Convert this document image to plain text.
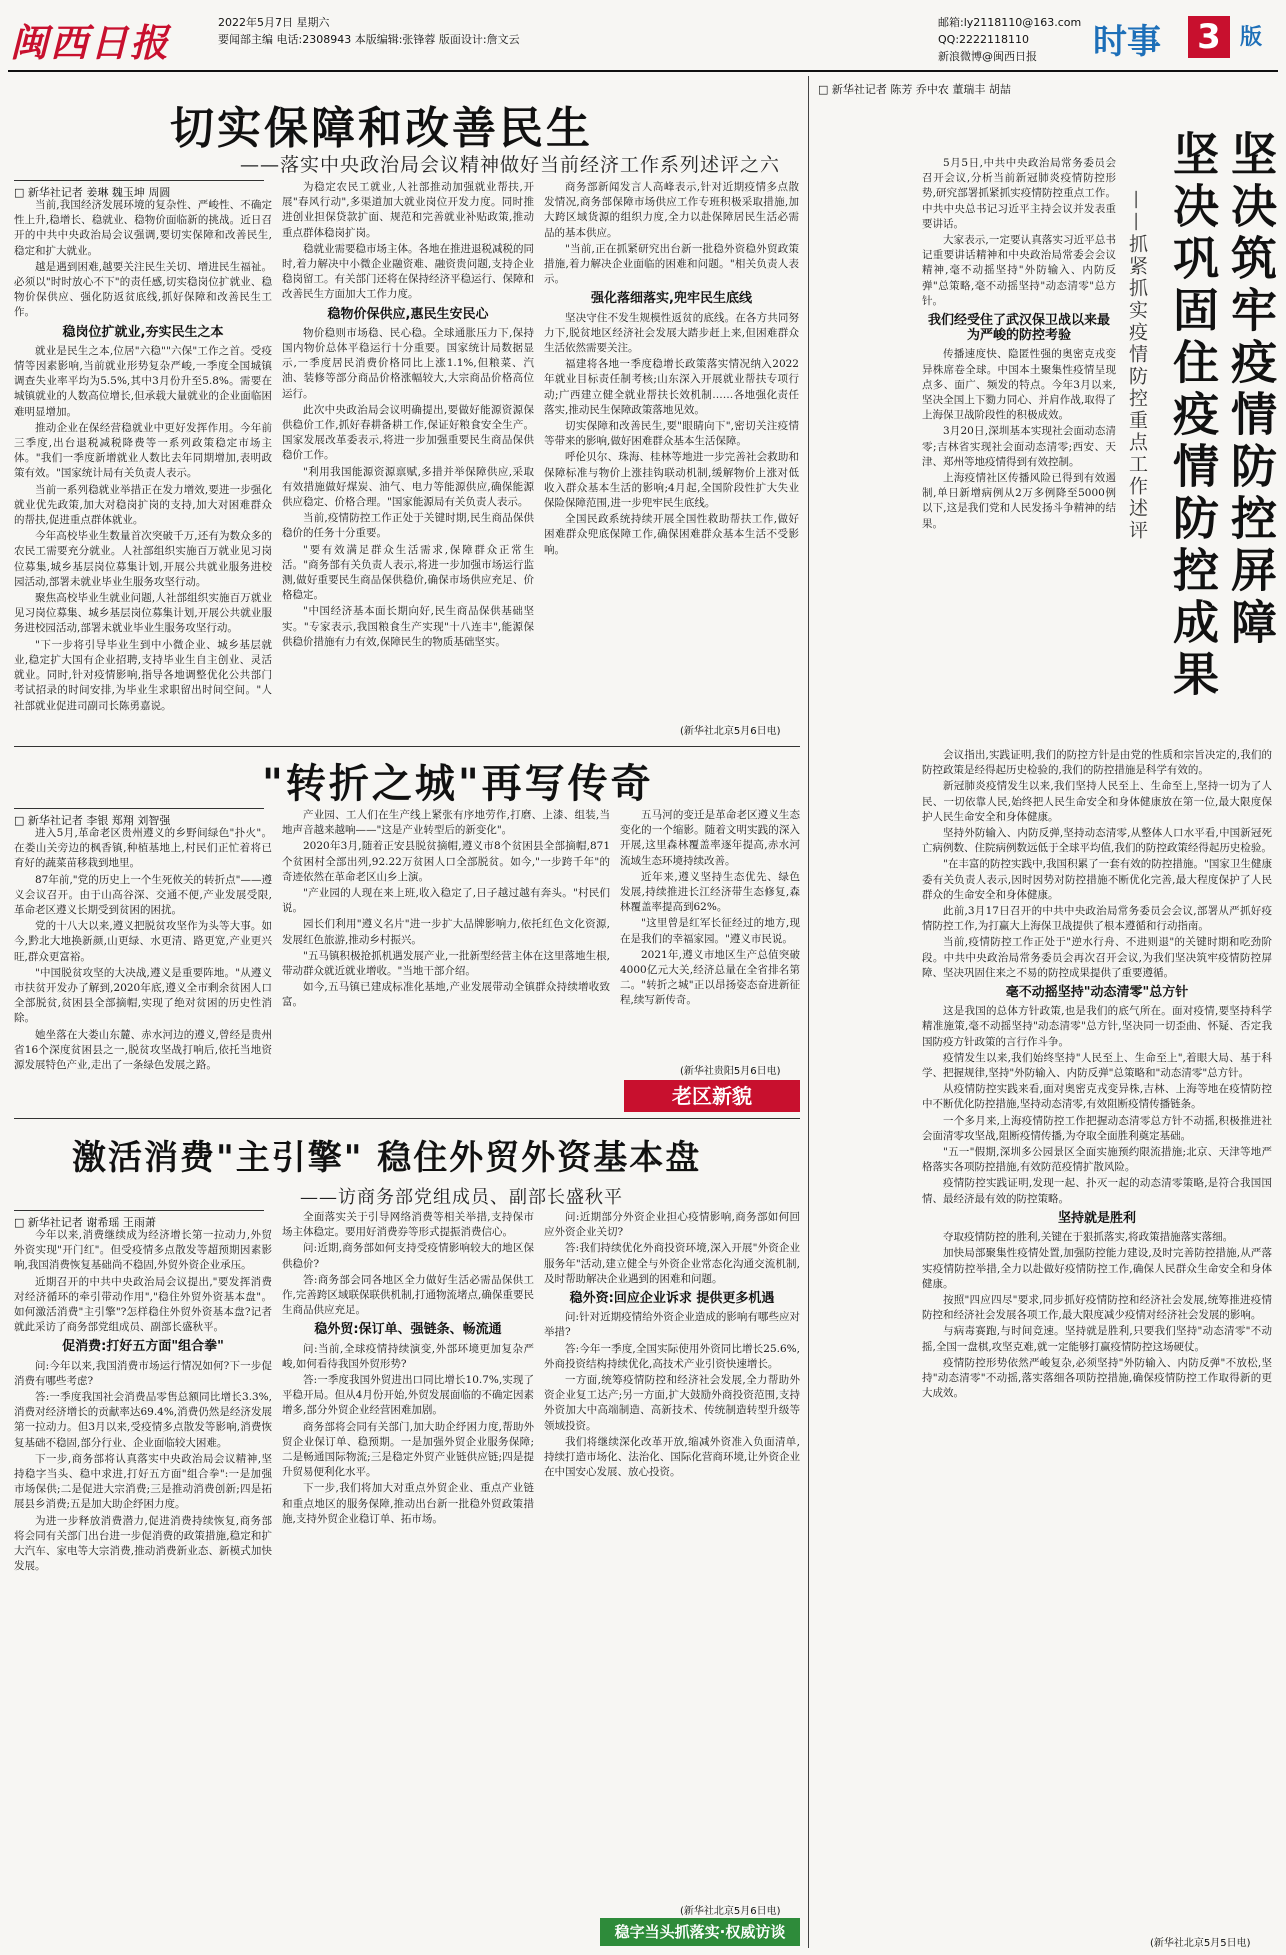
闽西日报	2022年5月7日 星期六
要闻部主编 电话:2308943 本版编辑:张锋蓉 版面设计:詹文云
邮箱:ly2118110@163.com
QQ:2222118110
新浪微博@闽西日报	时事 3 版
切实保障和改善民生
——落实中央政治局会议精神做好当前经济工作系列述评之六
□ 新华社记者 姜琳 魏玉坤 周圆

当前,我国经济发展环境的复杂性、严峻性、不确定性上升,稳增长、稳就业、稳物价面临新的挑战。近日召开的中共中央政治局会议强调,要切实保障和改善民生,稳定和扩大就业。

越是遇到困难,越要关注民生关切、增进民生福祉。必须以"时时放心不下"的责任感,切实稳岗位扩就业、稳物价保供应、强化防返贫底线,抓好保障和改善民生工作。

稳岗位扩就业,夯实民生之本

就业是民生之本,位居"六稳""六保"工作之首。受疫情等因素影响,当前就业形势复杂严峻,一季度全国城镇调查失业率平均为5.5%,其中3月份升至5.8%。需要在城镇就业的人数高位增长,但承载大量就业的企业面临困难明显增加。

推动企业在保经营稳就业中更好发挥作用。今年前三季度,出台退税减税降费等一系列政策稳定市场主体。"我们一季度新增就业人数比去年同期增加,表明政策有效。"国家统计局有关负责人表示。

当前一系列稳就业举措正在发力增效,要进一步强化就业优先政策,加大对稳岗扩岗的支持,加大对困难群众的帮扶,促进重点群体就业。

今年高校毕业生数量首次突破千万,还有为数众多的农民工需要充分就业。人社部组织实施百万就业见习岗位募集,城乡基层岗位募集计划,开展公共就业服务进校园活动,部署未就业毕业生服务攻坚行动。

聚焦高校毕业生就业问题,人社部组织实施百万就业见习岗位募集、城乡基层岗位募集计划,开展公共就业服务进校园活动,部署未就业毕业生服务攻坚行动。

"下一步将引导毕业生到中小微企业、城乡基层就业,稳定扩大国有企业招聘,支持毕业生自主创业、灵活就业。同时,针对疫情影响,指导各地调整优化公共部门考试招录的时间安排,为毕业生求职留出时间空间。"人社部就业促进司副司长陈勇嘉说。

为稳定农民工就业,人社部推动加强就业帮扶,开展"春风行动",多渠道加大就业岗位开发力度。同时推进创业担保贷款扩面、规范和完善就业补贴政策,推动重点群体稳岗扩岗。

稳就业需要稳市场主体。各地在推进退税减税的同时,着力解决中小微企业融资难、融资贵问题,支持企业稳岗留工。有关部门还将在保持经济平稳运行、保障和改善民生方面加大工作力度。

稳物价保供应,惠民生安民心

物价稳则市场稳、民心稳。全球通胀压力下,保持国内物价总体平稳运行十分重要。国家统计局数据显示,一季度居民消费价格同比上涨1.1%,但粮菜、汽油、装修等部分商品价格涨幅较大,大宗商品价格高位运行。

此次中央政治局会议明确提出,要做好能源资源保供稳价工作,抓好春耕备耕工作,保证好粮食安全生产。国家发展改革委表示,将进一步加强重要民生商品保供稳价工作。

"利用我国能源资源禀赋,多措并举保障供应,采取有效措施做好煤炭、油气、电力等能源供应,确保能源供应稳定、价格合理。"国家能源局有关负责人表示。

当前,疫情防控工作正处于关键时期,民生商品保供稳价的任务十分重要。

"要有效满足群众生活需求,保障群众正常生活。"商务部有关负责人表示,将进一步加强市场运行监测,做好重要民生商品保供稳价,确保市场供应充足、价格稳定。

"中国经济基本面长期向好,民生商品保供基础坚实。"专家表示,我国粮食生产实现"十八连丰",能源保供稳价措施有力有效,保障民生的物质基础坚实。

商务部新闻发言人高峰表示,针对近期疫情多点散发情况,商务部保障市场供应工作专班积极采取措施,加大跨区域货源的组织力度,全力以赴保障居民生活必需品的基本供应。

"当前,正在抓紧研究出台新一批稳外资稳外贸政策措施,着力解决企业面临的困难和问题。"相关负责人表示。

强化落细落实,兜牢民生底线

坚决守住不发生规模性返贫的底线。在各方共同努力下,脱贫地区经济社会发展大踏步赶上来,但困难群众生活依然需要关注。

福建将各地一季度稳增长政策落实情况纳入2022年就业目标责任制考核;山东深入开展就业帮扶专项行动;广西建立健全就业帮扶长效机制……各地强化责任落实,推动民生保障政策落地见效。

切实保障和改善民生,要"眼睛向下",密切关注疫情等带来的影响,做好困难群众基本生活保障。

呼伦贝尔、珠海、桂林等地进一步完善社会救助和保障标准与物价上涨挂钩联动机制,缓解物价上涨对低收入群众基本生活的影响;4月起,全国阶段性扩大失业保险保障范围,进一步兜牢民生底线。

全国民政系统持续开展全国性救助帮扶工作,做好困难群众兜底保障工作,确保困难群众基本生活不受影响。

(新华社北京5月6日电)
"转折之城"再写传奇
□ 新华社记者 李银 郑翔 刘智强

进入5月,革命老区贵州遵义的乡野间绿色"扑火"。在娄山关旁边的枫香镇,种植基地上,村民们正忙着将已育好的蔬菜苗移栽到地里。

87年前,"党的历史上一个生死攸关的转折点"——遵义会议召开。由于山高谷深、交通不便,产业发展受限,革命老区遵义长期受到贫困的困扰。

党的十八大以来,遵义把脱贫攻坚作为头等大事。如今,黔北大地换新颜,山更绿、水更清、路更宽,产业更兴旺,群众更富裕。

"中国脱贫攻坚的大决战,遵义是重要阵地。"从遵义市扶贫开发办了解到,2020年底,遵义全市剩余贫困人口全部脱贫,贫困县全部摘帽,实现了绝对贫困的历史性消除。

她坐落在大娄山东麓、赤水河边的遵义,曾经是贵州省16个深度贫困县之一,脱贫攻坚战打响后,依托当地资源发展特色产业,走出了一条绿色发展之路。

产业园、工人们在生产线上紧张有序地劳作,打磨、上漆、组装,当地声音越来越响——"这是产业转型后的新变化"。

2020年3月,随着正安县脱贫摘帽,遵义市8个贫困县全部摘帽,871个贫困村全部出列,92.22万贫困人口全部脱贫。如今,"一步跨千年"的奇迹依然在革命老区山乡上演。

"产业园的人现在来上班,收入稳定了,日子越过越有奔头。"村民们说。

园长们利用"遵义名片"进一步扩大品牌影响力,依托红色文化资源,发展红色旅游,推动乡村振兴。

"五马镇积极抢抓机遇发展产业,一批新型经营主体在这里落地生根,带动群众就近就业增收。"当地干部介绍。

如今,五马镇已建成标准化基地,产业发展带动全镇群众持续增收致富。

五马河的变迁是革命老区遵义生态变化的一个缩影。随着文明实践的深入开展,这里森林覆盖率逐年提高,赤水河流域生态环境持续改善。

近年来,遵义坚持生态优先、绿色发展,持续推进长江经济带生态修复,森林覆盖率提高到62%。

"这里曾是红军长征经过的地方,现在是我们的幸福家园。"遵义市民说。

2021年,遵义市地区生产总值突破4000亿元大关,经济总量在全省排名第二。"转折之城"正以昂扬姿态奋进新征程,续写新传奇。

(新华社贵阳5月6日电)
老区新貌
激活消费"主引擎" 稳住外贸外资基本盘
——访商务部党组成员、副部长盛秋平
□ 新华社记者 谢希瑶 王雨萧

今年以来,消费继续成为经济增长第一拉动力,外贸外资实现"开门红"。但受疫情多点散发等超预期因素影响,我国消费恢复基础尚不稳固,外贸外资企业承压。

近期召开的中共中央政治局会议提出,"要发挥消费对经济循环的牵引带动作用","稳住外贸外资基本盘"。如何激活消费"主引擎"?怎样稳住外贸外资基本盘?记者就此采访了商务部党组成员、副部长盛秋平。

促消费:打好五方面"组合拳"

问:今年以来,我国消费市场运行情况如何?下一步促消费有哪些考虑?

答:一季度我国社会消费品零售总额同比增长3.3%,消费对经济增长的贡献率达69.4%,消费仍然是经济发展第一拉动力。但3月以来,受疫情多点散发等影响,消费恢复基础不稳固,部分行业、企业面临较大困难。

下一步,商务部将认真落实中央政治局会议精神,坚持稳字当头、稳中求进,打好五方面"组合拳":一是加强市场保供;二是促进大宗消费;三是推动消费创新;四是拓展县乡消费;五是加大助企纾困力度。

为进一步释放消费潜力,促进消费持续恢复,商务部将会同有关部门出台进一步促消费的政策措施,稳定和扩大汽车、家电等大宗消费,推动消费新业态、新模式加快发展。

全面落实关于引导网络消费等相关举措,支持保市场主体稳定。要用好消费券等形式提振消费信心。

问:近期,商务部如何支持受疫情影响较大的地区保供稳价?

答:商务部会同各地区全力做好生活必需品保供工作,完善跨区域联保联供机制,打通物流堵点,确保重要民生商品供应充足。

稳外贸:保订单、强链条、畅流通

问:当前,全球疫情持续演变,外部环境更加复杂严峻,如何看待我国外贸形势?

答:一季度我国外贸进出口同比增长10.7%,实现了平稳开局。但从4月份开始,外贸发展面临的不确定因素增多,部分外贸企业经营困难加剧。

商务部将会同有关部门,加大助企纾困力度,帮助外贸企业保订单、稳预期。一是加强外贸企业服务保障;二是畅通国际物流;三是稳定外贸产业链供应链;四是提升贸易便利化水平。

下一步,我们将加大对重点外贸企业、重点产业链和重点地区的服务保障,推动出台新一批稳外贸政策措施,支持外贸企业稳订单、拓市场。

问:近期部分外资企业担心疫情影响,商务部如何回应外资企业关切?

答:我们持续优化外商投资环境,深入开展"外资企业服务年"活动,建立健全与外资企业常态化沟通交流机制,及时帮助解决企业遇到的困难和问题。

稳外资:回应企业诉求 提供更多机遇

问:针对近期疫情给外资企业造成的影响有哪些应对举措?

答:今年一季度,全国实际使用外资同比增长25.6%,外商投资结构持续优化,高技术产业引资快速增长。

一方面,统筹疫情防控和经济社会发展,全力帮助外资企业复工达产;另一方面,扩大鼓励外商投资范围,支持外资加大中高端制造、高新技术、传统制造转型升级等领域投资。

我们将继续深化改革开放,缩减外资准入负面清单,持续打造市场化、法治化、国际化营商环境,让外资企业在中国安心发展、放心投资。

(新华社北京5月6日电)
稳字当头抓落实·权威访谈
□ 新华社记者 陈芳 乔中农 董瑞丰 胡喆
坚决筑牢疫情防控屏障
坚决巩固住疫情防控成果
——抓紧抓实疫情防控重点工作述评

5月5日,中共中央政治局常务委员会召开会议,分析当前新冠肺炎疫情防控形势,研究部署抓紧抓实疫情防控重点工作。中共中央总书记习近平主持会议并发表重要讲话。

大家表示,一定要认真落实习近平总书记重要讲话精神和中央政治局常委会会议精神,毫不动摇坚持"外防输入、内防反弹"总策略,毫不动摇坚持"动态清零"总方针。

我们经受住了武汉保卫战以来最为严峻的防控考验

传播速度快、隐匿性强的奥密克戎变异株席卷全球。中国本土聚集性疫情呈现点多、面广、频发的特点。今年3月以来,坚决全国上下勠力同心、并肩作战,取得了上海保卫战阶段性的积极成效。

3月20日,深圳基本实现社会面动态清零;吉林省实现社会面动态清零;西安、天津、郑州等地疫情得到有效控制。

上海疫情社区传播风险已得到有效遏制,单日新增病例从2万多例降至5000例以下,这是我们党和人民发扬斗争精神的结果。

会议指出,实践证明,我们的防控方针是由党的性质和宗旨决定的,我们的防控政策是经得起历史检验的,我们的防控措施是科学有效的。

新冠肺炎疫情发生以来,我们坚持人民至上、生命至上,坚持一切为了人民、一切依靠人民,始终把人民生命安全和身体健康放在第一位,最大限度保护人民生命安全和身体健康。

坚持外防输入、内防反弹,坚持动态清零,从整体人口水平看,中国新冠死亡病例数、住院病例数远低于全球平均值,我们的防控政策经得起历史检验。

"在丰富的防控实践中,我国积累了一套有效的防控措施。"国家卫生健康委有关负责人表示,因时因势对防控措施不断优化完善,最大程度保护了人民群众的生命安全和身体健康。

此前,3月17日召开的中共中央政治局常务委员会会议,部署从严抓好疫情防控工作,为打赢大上海保卫战提供了根本遵循和行动指南。

当前,疫情防控工作正处于"逆水行舟、不进则退"的关键时期和吃劲阶段。中共中央政治局常务委员会再次召开会议,为我们坚决筑牢疫情防控屏障、坚决巩固住来之不易的防控成果提供了重要遵循。

毫不动摇坚持"动态清零"总方针

这是我国的总体方针政策,也是我们的底气所在。面对疫情,要坚持科学精准施策,毫不动摇坚持"动态清零"总方针,坚决同一切歪曲、怀疑、否定我国防疫方针政策的言行作斗争。

疫情发生以来,我们始终坚持"人民至上、生命至上",着眼大局、基于科学、把握规律,坚持"外防输入、内防反弹"总策略和"动态清零"总方针。

从疫情防控实践来看,面对奥密克戎变异株,吉林、上海等地在疫情防控中不断优化防控措施,坚持动态清零,有效阻断疫情传播链条。

一个多月来,上海疫情防控工作把握动态清零总方针不动摇,积极推进社会面清零攻坚战,阻断疫情传播,为夺取全面胜利奠定基础。

"五一"假期,深圳多公园景区全面实施预约限流措施;北京、天津等地严格落实各项防控措施,有效防范疫情扩散风险。

疫情防控实践证明,发现一起、扑灭一起的动态清零策略,是符合我国国情、最经济最有效的防控策略。

坚持就是胜利

夺取疫情防控的胜利,关键在于狠抓落实,将政策措施落实落细。

加快局部聚集性疫情处置,加强防控能力建设,及时完善防控措施,从严落实疫情防控举措,全力以赴做好疫情防控工作,确保人民群众生命安全和身体健康。

按照"四应四尽"要求,同步抓好疫情防控和经济社会发展,统筹推进疫情防控和经济社会发展各项工作,最大限度减少疫情对经济社会发展的影响。

与病毒赛跑,与时间竞速。坚持就是胜利,只要我们坚持"动态清零"不动摇,全国一盘棋,攻坚克难,就一定能够打赢疫情防控这场硬仗。

疫情防控形势依然严峻复杂,必须坚持"外防输入、内防反弹"不放松,坚持"动态清零"不动摇,落实落细各项防控措施,确保疫情防控工作取得新的更大成效。

(新华社北京5月5日电)
